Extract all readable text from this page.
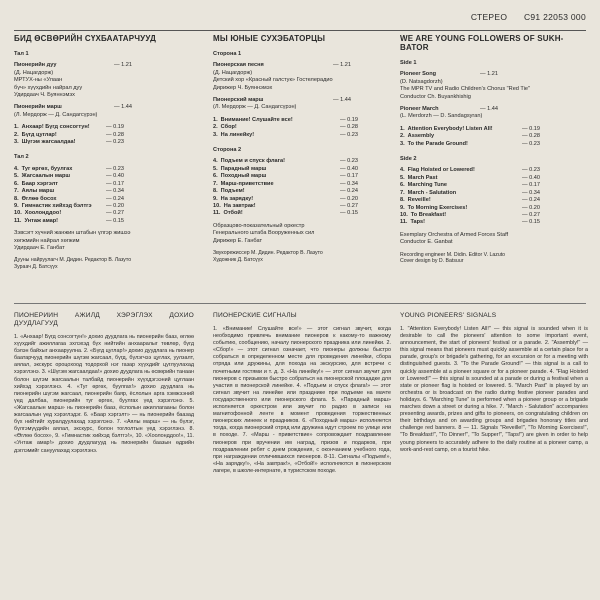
СТЕРЕО С91 22053 000
БИД ӨСВӨРИЙН СҮХБААТАРЧУУД
Тал 1
Пионерийн дуу	— 1.21
(Д. Нацагдорж)
МРТУХ-ны «Улаан
бүч» хүүхдийн найрал дуу
Удирдаач Ч. Буяннэмэх
Пионерийн марш	— 1.44
(Л. Мердорж — Д. Сандагсүрэн)
1. Анхаар! Бүгд сонсогтун!	— 0.19
2. Бүгд цуглар!	— 0.28
3. Шүгэм жагсаалдаа!	— 0.23
Тал 2
4. Туг өргөх, буулгах	— 0.23
5. Жагсаалын марш	— 0.40
6. Баар хэргэлт	— 0.17
7. Аялы марш	— 0.34
8. Өглөө босох	— 0.24
9. Гимнастик хийхэд бэлтгэ	— 0.20
10. Хоолонддоо!	— 0.27
11. Унтаж амар!	— 0.15
Зэвсэгт хүчний жанжин штабын үлгэр жишээ
хөгжмийн найрал хөгжим
Удирдаач Е. Ганбат
Дууны найруулагч М. Дидин. Редактор В. Лазуто
Зураач Д. Батсүүх
МЫ ЮНЫЕ СУХЭБАТОРЦЫ
Сторона 1
Пионерская песня	— 1.21
(Д. Нацагдорж)
Детский хор «Красный галстук» Гостелерадио
Дирижер Ч. Буяннэмэх
Пионерский марш	— 1.44
(Л. Мердорж — Д. Сандагсүрэн)
1. Внимание! Слушайте все!	— 0.19
2. Сбор!	— 0.28
3. На линейку!	— 0.23
Сторона 2
4. Подъем и спуск флага!	— 0.23
5. Парадный марш	— 0.40
6. Походный марш	— 0.17
7. Марш-приветствие	— 0.34
8. Подъем!	— 0.24
9. На зарядку!	— 0.20
10. На завтрак!	— 0.27
11. Отбой!	— 0.15
Образцово-показательный оркестр
Генерального штаба Вооруженных сил
Дирижер Е. Ганбат
Звукорежиссер М. Дидин. Редактор В. Лазуто
Художник Д. Батсүүх
WE ARE YOUNG FOLLOWERS OF SUKH-BATOR
Side 1
Pioneer Song	— 1.21
(D. Natsagdorzh)
The MPR TV and Radio Children's Chorus "Red Tie"
Conductor Ch. Buyankhishig
Pioneer March	— 1.44
(L. Merdorzh — D. Sandagsyran)
1. Attention Everybody! Listen All!	— 0.19
2. Assembly	— 0.28
3. To the Parade Ground!	— 0.23
Side 2
4. Flag Hoisted or Lowered!	— 0.23
5. March Past	— 0.40
6. Marching Tune	— 0.17
7. March - Salutation	— 0.34
8. Reveille!	— 0.24
9. To Morning Exercises!	— 0.20
10. To Breakfast!	— 0.27
11. Taps!	— 0.15
Exemplary Orchestra of Armed Forces Staff
Conductor E. Ganbat
Recording engineer M. Didin. Editor V. Lazuto
Cover design by D. Batsuur
ПИОНЕРИЙН АЖИЛД ХЭРЭГЛЭХ ДОХИО ДУУДЛАГУУД

1. «Анхаар! Бүгд сонсогтун!» дохио дуудлага нь пионерийн бааз, өглөө хүүхдийг ажиллагаа эхлэхэд бүх нийтийн анхааралыг төвлөр, бүгд бэлэн байхыг анхааруулна. 2. «Бүгд цуглар!» дохио дуудлага нь пионер баатарчууд пионерийн шүгэм жагсаал, бүгд, бүлэгчээ цуглах, уулзалт, аялал, экскурс ороцохоод тодорхой нэг газар хүүхдийг цуглуулахад хэрэглэнэ. 3. «Шүгэм жагсаалдаа!» дохио дуудлага нь өсвөрийн танаан болон шүгэм жагсаалын талбайд пионерийн хүүхдэгээний цуглаан хийхэд хэрэглэнэ. 4. «Туг өргөх, буулгах!» дохио дуудлага нь пионерийн шүгэм жагсаал, пионерийн баяр, ёслолын арга хэмжээний үед далбаа, пионерийн туг өргөх, буулгах үед хэрэглэнэ. 5. «Жагсаалын марш» нь пионерийн бааз, ёслолын ажиллагааны болон жагсаалын үед хэрэглэдэг. 6. «Бааp хэргэлт» — нь пионерийн баазад бүх нийтийг хуралдуулахад хэрэглэнэ. 7. «Аялы марш» — нь бүлэг, бүлгэмүүдийн аялал, экскурс, болон тоглолтын үед хэрэглэнэ. 8. «Өглөө босох», 9. «Гимнастик хийхэд бэлтгэ!», 10. «Хоолонддоо!», 11. «Унтаж амар!» дохио дуудлагууд нь пионерийн баазын өдрийн дэглэмийг сануулахад хэрэглэнэ.

ПИОНЕРСКИЕ СИГНАЛЫ

1. «Внимание! Слушайте все!» — этот сигнал звучит, когда необходимо привлечь внимание пионеров к какому-то важному событию, сообщению, началу пионерского праздника или линейки. 2. «Сбор!» — этот сигнал означает, что пионеры должны быстро собраться в определенном месте для проведения линейки, сбора отряда или дружины, для похода на экскурсию, для встречи с почетными гостями и т. д. 3. «На линейку!» — этот сигнал звучит для пионеров с призывом быстро собраться на пионерской площадке для участия в пионерской линейке. 4. «Подъем и спуск флага!» — этот сигнал звучит на линейке или празднике при подъеме на мачте государственного или пионерского флага. 5. «Парадный марш» исполняется оркестром или звучит по радио в записи на магнитофонной ленте в момент проведения торжественных пионерских линеек и праздников. 6. «Походный марш» исполняется тогда, когда пионерский отряд или дружина идут строем по улице или в походе. 7. «Марш - приветствие» сопровождает поздравление пионеров при вручении им наград, призов и подарков, при поздравлении ребят с днем рождения, с окончанием учебного года, при награждении отличившихся пионеров. 8-11. Сигналы «Подъем!», «На зарядку!», «На завтрак!», «Отбой!» исполняются в пионерском лагере, в школе-интернате, в туристском походе.

YOUNG PIONEERS' SIGNALS

1. "Attention Everybody! Listen All!" — this signal is sounded when it is desirable to call the pioneers' attention to some important event, announcement, the start of pioneers' festival or a parade. 2. "Assembly!" — this signal means that pioneers must quickly assemble at a certain place for a parade, group's or brigade's gathering, for an excursion or for a meeting with distinguished guests. 3. "To the Parade Ground!" — this signal is a call to quickly assemble at a pioneer square or for a pioneer parade. 4. "Flag Hoisted or Lowered!" — this signal is sounded at a parade or during a festival when a state or pioneer flag is hoisted or lowered. 5. "March Past" is played by an orchestra or is broadcast on the radio during festive pioneer parades and holidays. 6. "Marching Tune" is performed when a pioneer group or a brigade marches down a street or during a hike. 7. "March - Salutation" accompanies presenting awards, prizes and gifts to pioneers, on congratulating children on their birthdays and on awarding groups and brigades honorary titles and challenge red banners. 8 — 11. Signals "Reveille!", "To Morning Exercises!", "To Breakfast!", "To Dinner!", "To Supper!", "Taps!") are given in order to help young pioneers to accurately adhere to the daily routine at a pioneer camp, a work-and-rest camp, on a tourist hike.
